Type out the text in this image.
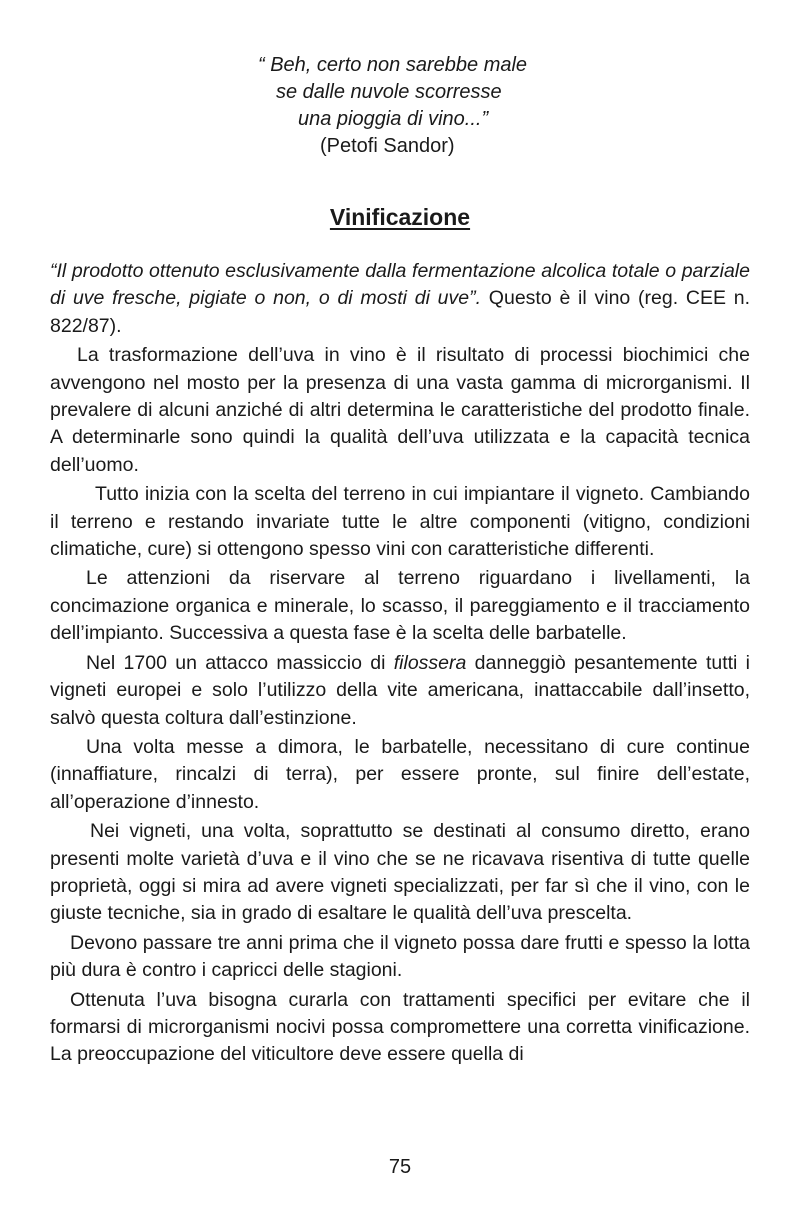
“ Beh, certo non sarebbe male
se dalle nuvole scorresse
una pioggia di vino...”
(Petofi Sandor)
Vinificazione

“Il prodotto ottenuto esclusivamente dalla fermentazione alcolica totale o parziale di uve fresche, pigiate o non, o di mosti di uve”. Questo è il vino (reg. CEE n. 822/87).

La trasformazione dell’uva in vino è il risultato di processi biochimici che avvengono nel mosto per la presenza di una vasta gamma di microrganismi. Il prevalere di alcuni anziché di altri determina le caratteristiche del prodotto finale. A determinarle sono quindi la qualità dell’uva utilizzata e la capacità tecnica dell’uomo.

Tutto inizia con la scelta del terreno in cui impiantare il vigneto. Cambiando il terreno e restando invariate tutte le altre componenti (vitigno, condizioni climatiche, cure) si ottengono spesso vini con caratteristiche differenti.

Le attenzioni da riservare al terreno riguardano i livellamenti, la concimazione organica e minerale, lo scasso, il pareggiamento e il tracciamento dell’impianto. Successiva a questa fase è la scelta delle barbatelle.

Nel 1700 un attacco massiccio di filossera danneggiò pesantemente tutti i vigneti europei e solo l’utilizzo della vite americana, inattaccabile dall’insetto, salvò questa coltura dall’estinzione.

Una volta messe a dimora, le barbatelle, necessitano di cure continue (innaffiature, rincalzi di terra), per essere pronte, sul finire dell’estate, all’operazione d’innesto.

Nei vigneti, una volta, soprattutto se destinati al consumo diretto, erano presenti molte varietà d’uva e il vino che se ne ricavava risentiva di tutte quelle proprietà, oggi si mira ad avere vigneti specializzati, per far sì che il vino, con le giuste tecniche, sia in grado di esaltare le qualità dell’uva prescelta.

Devono passare tre anni prima che il vigneto possa dare frutti e spesso la lotta più dura è contro i capricci delle stagioni.

Ottenuta l’uva bisogna curarla con trattamenti specifici per evitare che il formarsi di microrganismi nocivi possa compromettere una corretta vinificazione. La preoccupazione del viticultore deve essere quella di

75
